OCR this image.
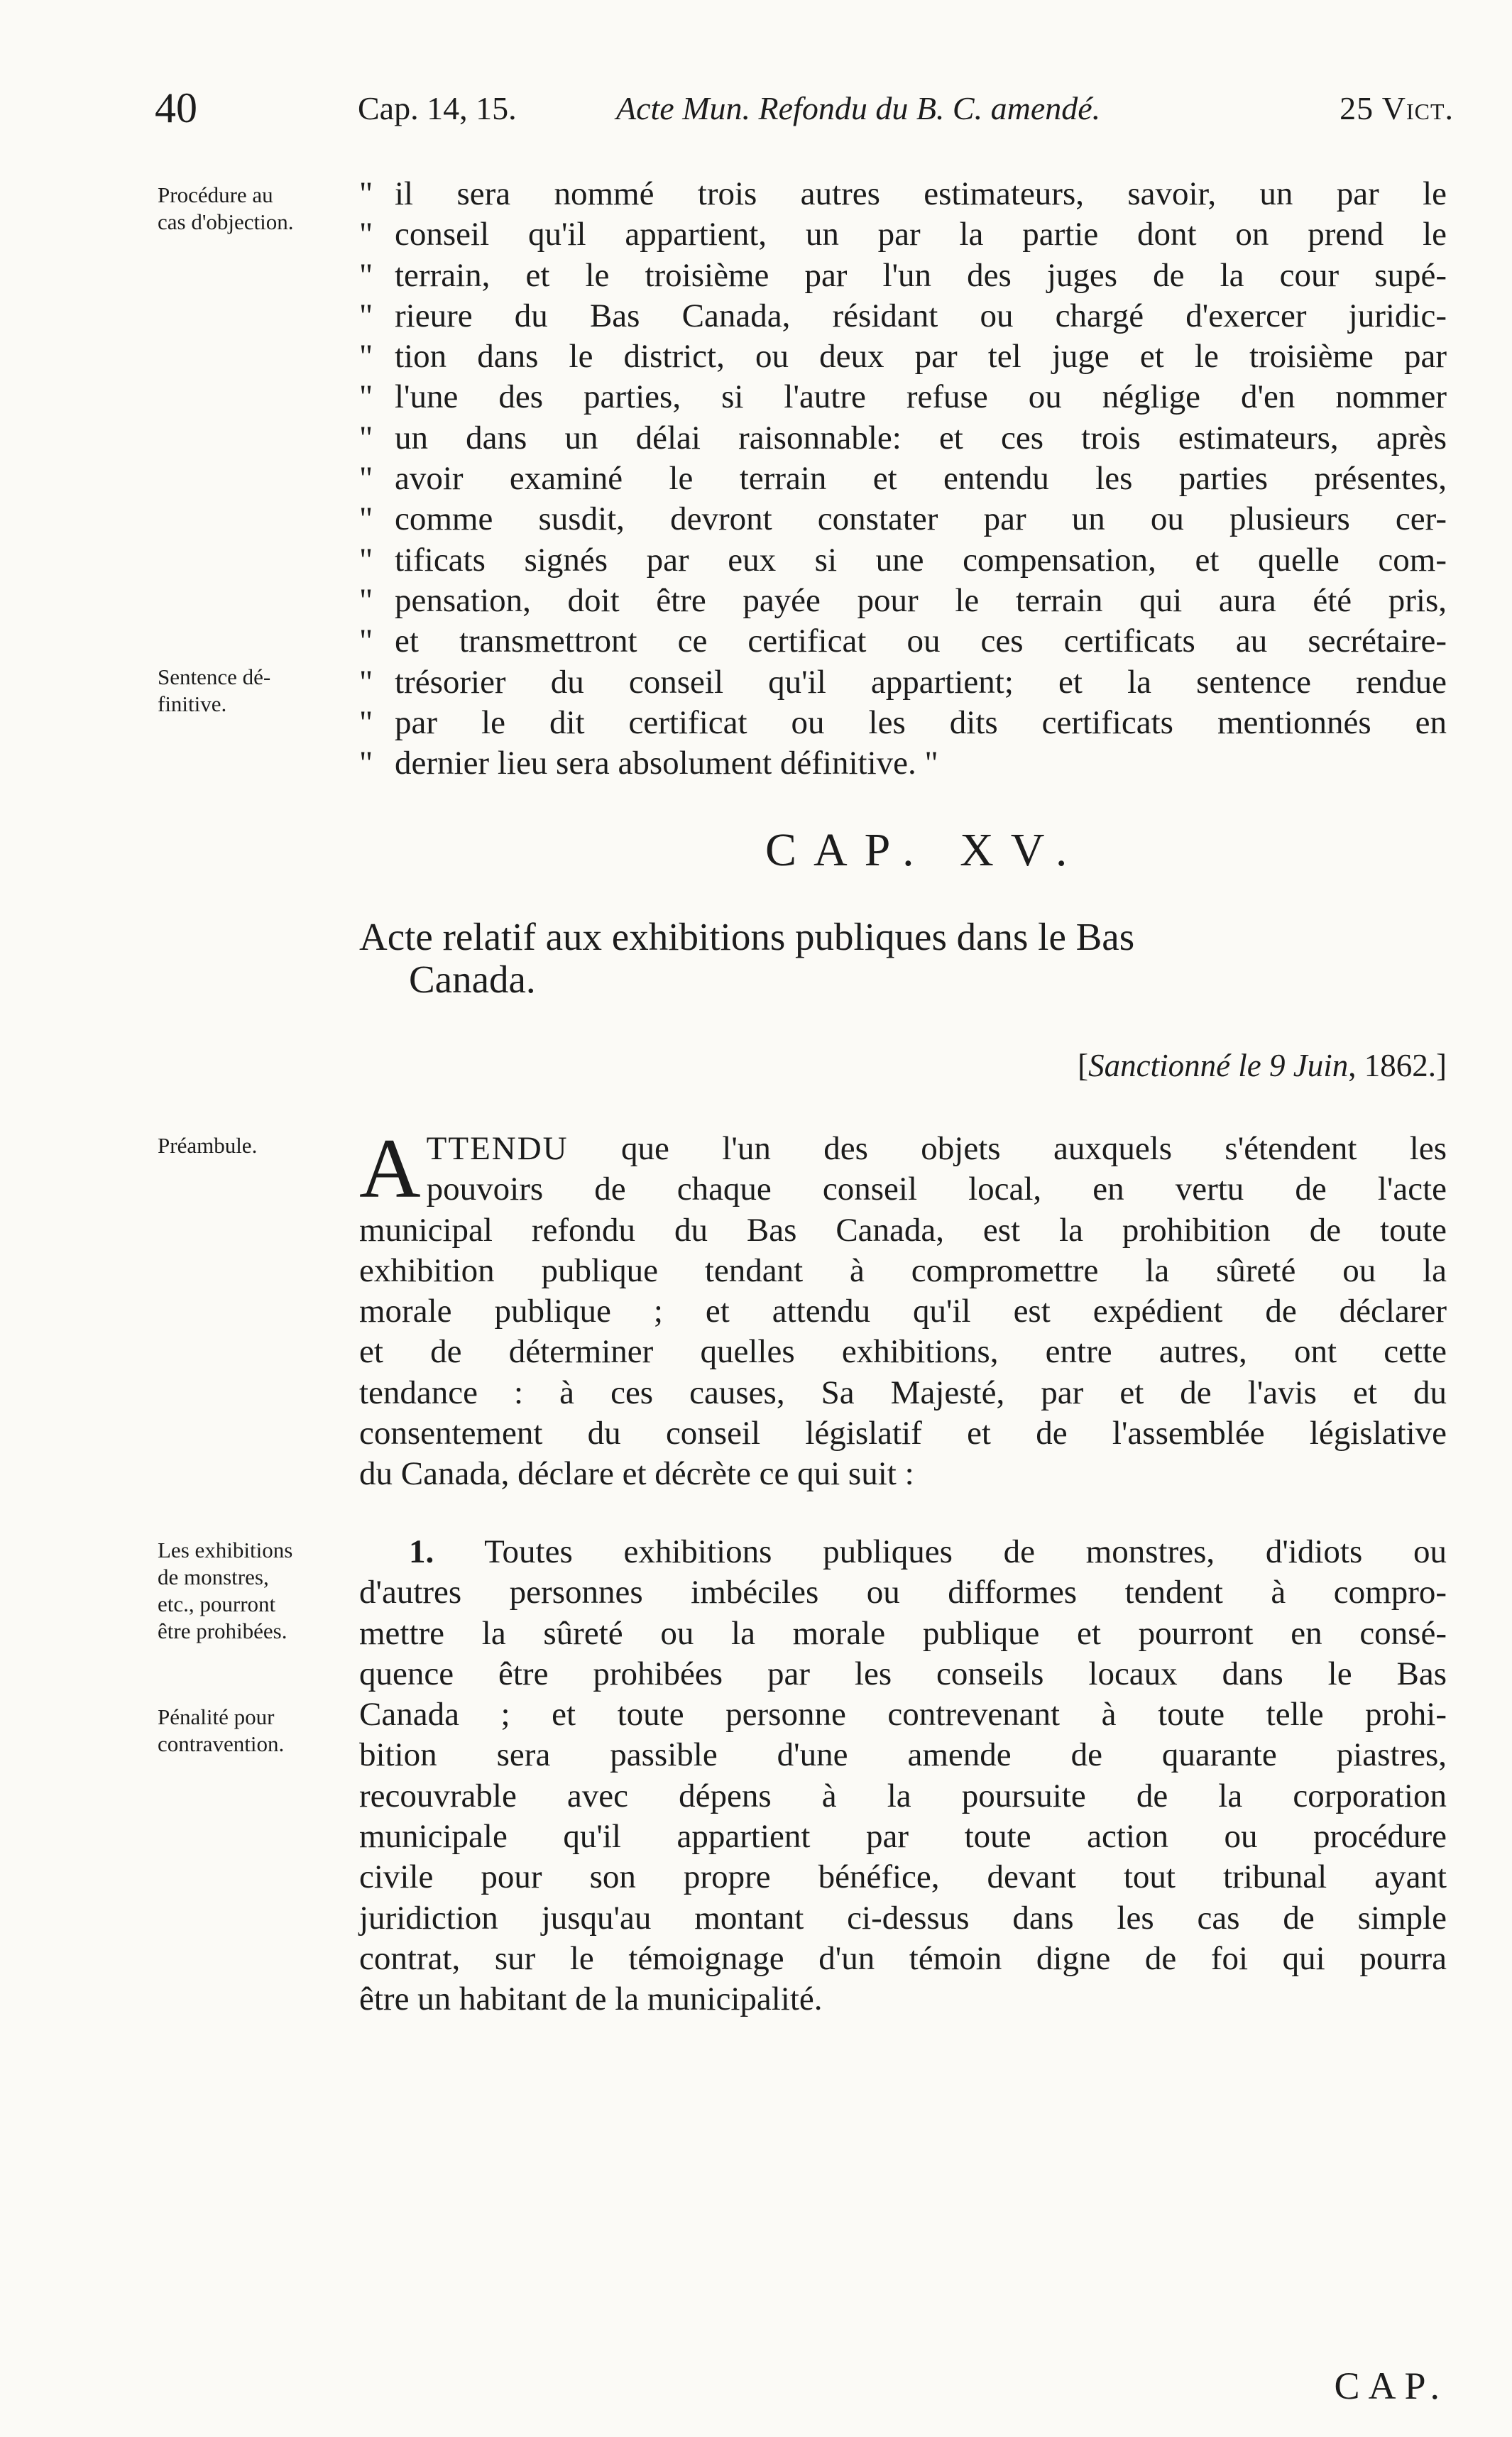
40	Cap. 14, 15.	Acte Mun. Refondu du B. C. amendé.	25 Vict.
Procédure au
cas d'objection.
Sentence dé-
finitive.
Préambule.
Les exhibitions
de monstres,
etc., pourront
être prohibées.
Pénalité pour
contravention.
" il sera nommé trois autres estimateurs, savoir, un par le
" conseil qu'il appartient, un par la partie dont on prend le
" terrain, et le troisième par l'un des juges de la cour supé-
" rieure du Bas Canada, résidant ou chargé d'exercer juridic-
" tion dans le district, ou deux par tel juge et le troisième par
" l'une des parties, si l'autre refuse ou néglige d'en nommer
" un dans un délai raisonnable: et ces trois estimateurs, après
" avoir examiné le terrain et entendu les parties présentes,
" comme susdit, devront constater par un ou plusieurs cer-
" tificats signés par eux si une compensation, et quelle com-
" pensation, doit être payée pour le terrain qui aura été pris,
" et transmettront ce certificat ou ces certificats au secrétaire-
" trésorier du conseil qu'il appartient; et la sentence rendue
" par le dit certificat ou les dits certificats mentionnés en
" dernier lieu sera absolument définitive. "
CAP. XV.
Acte relatif aux exhibitions publiques dans le Bas
Canada.
[Sanctionné le 9 Juin, 1862.]
A TTENDU que l'un des objets auxquels s'étendent les
pouvoirs de chaque conseil local, en vertu de l'acte
municipal refondu du Bas Canada, est la prohibition de toute
exhibition publique tendant à compromettre la sûreté ou la
morale publique ; et attendu qu'il est expédient de déclarer
et de déterminer quelles exhibitions, entre autres, ont cette
tendance : à ces causes, Sa Majesté, par et de l'avis et du
consentement du conseil législatif et de l'assemblée législative
du Canada, déclare et décrète ce qui suit :
1. Toutes exhibitions publiques de monstres, d'idiots ou
d'autres personnes imbéciles ou difformes tendent à compro-
mettre la sûreté ou la morale publique et pourront en consé-
quence être prohibées par les conseils locaux dans le Bas
Canada ; et toute personne contrevenant à toute telle prohi-
bition sera passible d'une amende de quarante piastres,
recouvrable avec dépens à la poursuite de la corporation
municipale qu'il appartient par toute action ou procédure
civile pour son propre bénéfice, devant tout tribunal ayant
juridiction jusqu'au montant ci-dessus dans les cas de simple
contrat, sur le témoignage d'un témoin digne de foi qui pourra
être un habitant de la municipalité.
CAP.
